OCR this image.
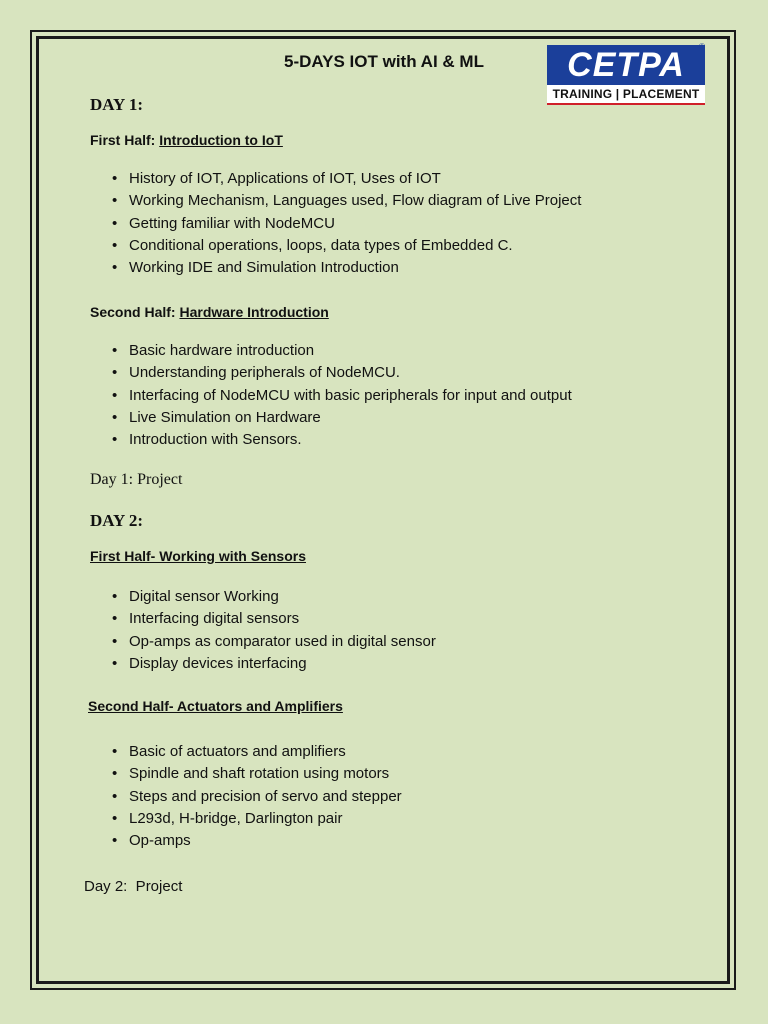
5-DAYS IOT with AI & ML	CETPA	®
TRAINING | PLACEMENT
DAY 1:

First Half: Introduction to IoT

• History of IOT, Applications of IOT, Uses of IOT
• Working Mechanism, Languages used, Flow diagram of Live Project
• Getting familiar with NodeMCU
• Conditional operations, loops, data types of Embedded C.
• Working IDE and Simulation Introduction

Second Half: Hardware Introduction

• Basic hardware introduction
• Understanding peripherals of NodeMCU.
• Interfacing of NodeMCU with basic peripherals for input and output
• Live Simulation on Hardware
• Introduction with Sensors.

Day 1: Project

DAY 2:

First Half- Working with Sensors

• Digital sensor Working
• Interfacing digital sensors
• Op-amps as comparator used in digital sensor
• Display devices interfacing

Second Half- Actuators and Amplifiers

• Basic of actuators and amplifiers
• Spindle and shaft rotation using motors
• Steps and precision of servo and stepper
• L293d, H-bridge, Darlington pair
• Op-amps

Day 2:  Project
